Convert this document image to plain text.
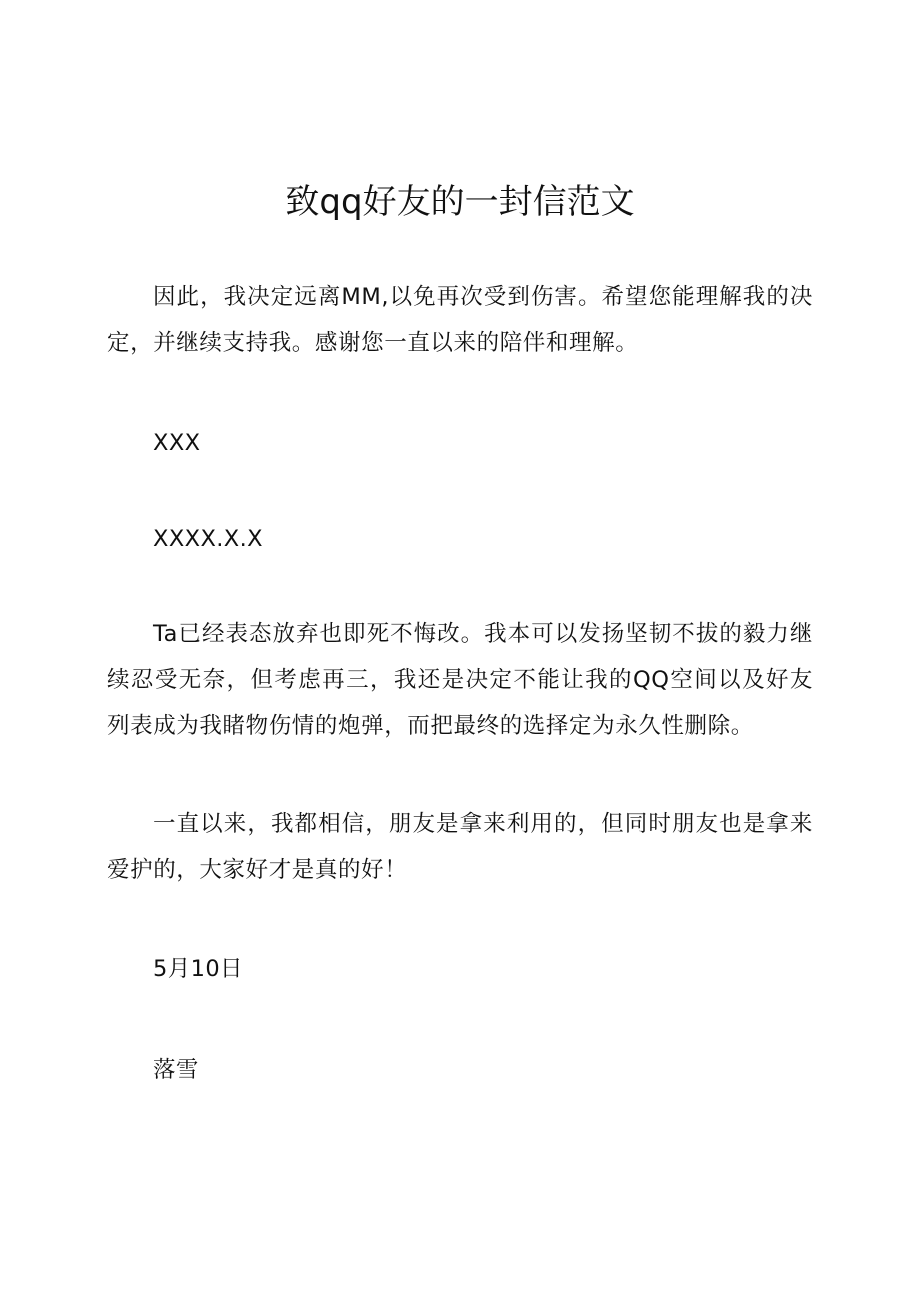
致qq好友的一封信范文

因此，我决定远离MM,以免再次受到伤害。希望您能理解我的决定，并继续支持我。感谢您一直以来的陪伴和理解。

XXX
XXXX.X.X

Ta已经表态放弃也即死不悔改。我本可以发扬坚韧不拔的毅力继续忍受无奈，但考虑再三，我还是决定不能让我的QQ空间以及好友列表成为我睹物伤情的炮弹，而把最终的选择定为永久性删除。

一直以来，我都相信，朋友是拿来利用的，但同时朋友也是拿来爱护的，大家好才是真的好！

5月10日
落雪
